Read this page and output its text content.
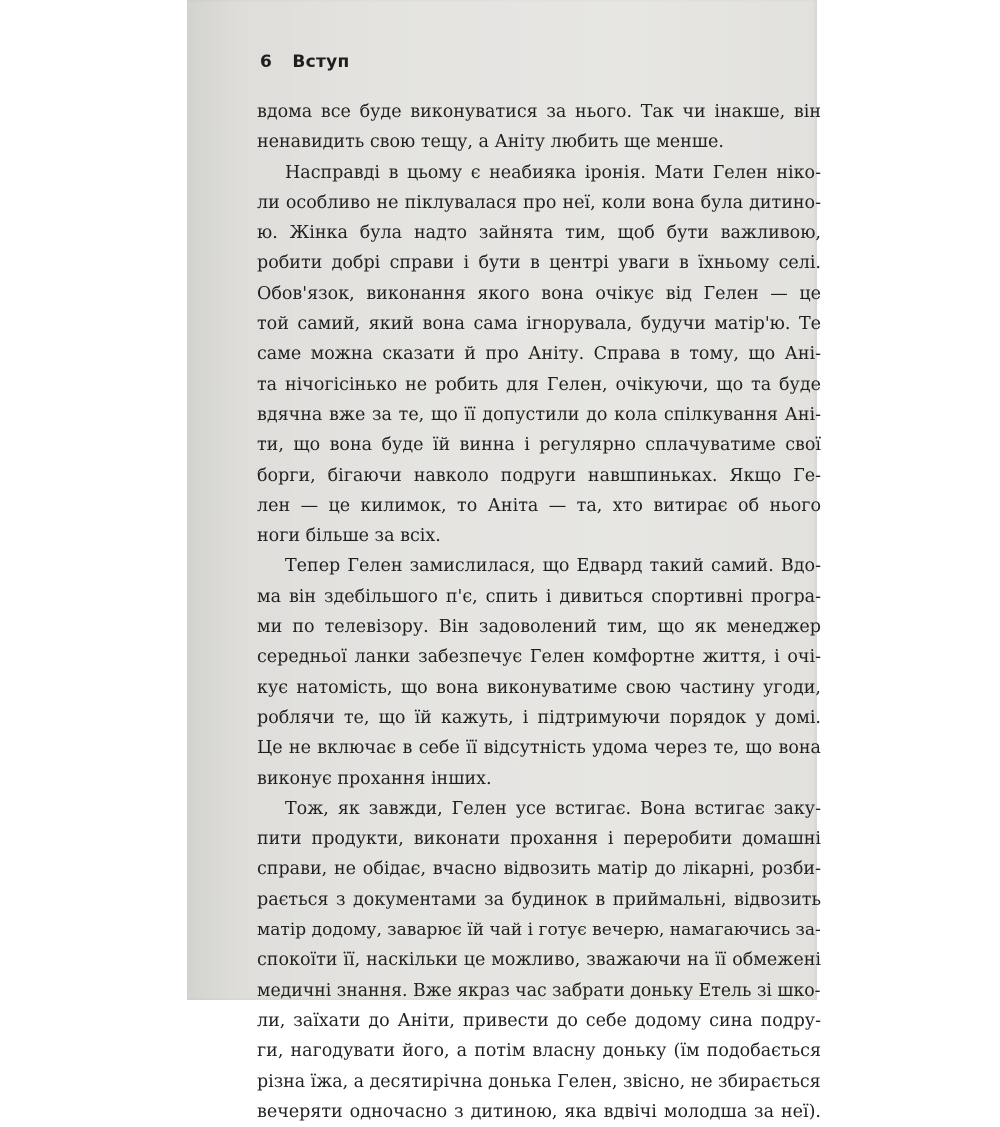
6 Вступ
вдома все буде виконуватися за нього. Так чи інакше, він
ненавидить свою тещу, а Аніту любить ще менше.
Насправді в цьому є неабияка іронія. Мати Гелен ніко-
ли особливо не піклувалася про неї, коли вона була дитино-
ю. Жінка була надто зайнята тим, щоб бути важливою,
робити добрі справи і бути в центрі уваги в їхньому селі.
Обов'язок, виконання якого вона очікує від Гелен — це
той самий, який вона сама ігнорувала, будучи матір'ю. Те
саме можна сказати й про Аніту. Справа в тому, що Ані-
та нічогісінько не робить для Гелен, очікуючи, що та буде
вдячна вже за те, що її допустили до кола спілкування Ані-
ти, що вона буде їй винна і регулярно сплачуватиме свої
борги, бігаючи навколо подруги навшпиньках. Якщо Ге-
лен — це килимок, то Аніта — та, хто витирає об нього
ноги більше за всіх.
Тепер Гелен замислилася, що Едвард такий самий. Вдо-
ма він здебільшого п'є, спить і дивиться спортивні програ-
ми по телевізору. Він задоволений тим, що як менеджер
середньої ланки забезпечує Гелен комфортне життя, і очі-
кує натомість, що вона виконуватиме свою частину угоди,
роблячи те, що їй кажуть, і підтримуючи порядок у домі.
Це не включає в себе її відсутність удома через те, що вона
виконує прохання інших.
Тож, як завжди, Гелен усе встигає. Вона встигає заку-
пити продукти, виконати прохання і переробити домашні
справи, не обідає, вчасно відвозить матір до лікарні, розби-
рається з документами за будинок в приймальні, відвозить
матір додому, заварює їй чай і готує вечерю, намагаючись за-
спокоїти її, наскільки це можливо, зважаючи на її обмежені
медичні знання. Вже якраз час забрати доньку Етель зі шко-
ли, заїхати до Аніти, привести до себе додому сина подру-
ги, нагодувати його, а потім власну доньку (їм подобається
різна їжа, а десятирічна донька Гелен, звісно, не збирається
вечеряти одночасно з дитиною, яка вдвічі молодша за неї).
